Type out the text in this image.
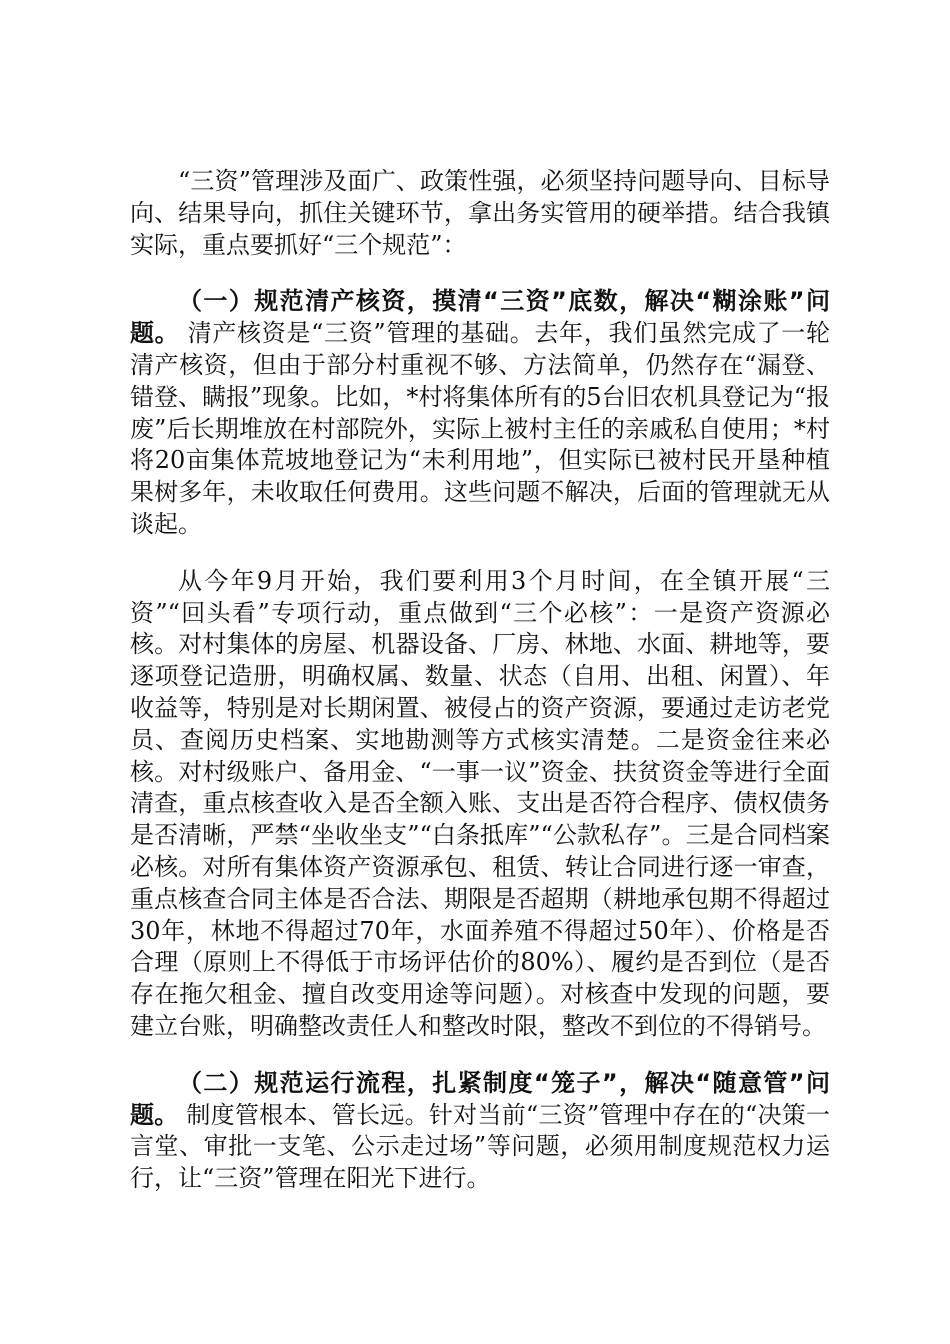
“三资”管理涉及面广、政策性强，必须坚持问题导向、目标导向、结果导向，抓住关键环节，拿出务实管用的硬举措。结合我镇实际，重点要抓好“三个规范”：

（一）规范清产核资，摸清“三资”底数，解决“糊涂账”问题。 清产核资是“三资”管理的基础。去年，我们虽然完成了一轮清产核资，但由于部分村重视不够、方法简单，仍然存在“漏登、错登、瞒报”现象。比如，*村将集体所有的5台旧农机具登记为“报废”后长期堆放在村部院外，实际上被村主任的亲戚私自使用；*村将20亩集体荒坡地登记为“未利用地”，但实际已被村民开垦种植果树多年，未收取任何费用。这些问题不解决，后面的管理就无从谈起。

从今年9月开始，我们要利用3个月时间，在全镇开展“三资”“回头看”专项行动，重点做到“三个必核”：一是资产资源必核。对村集体的房屋、机器设备、厂房、林地、水面、耕地等，要逐项登记造册，明确权属、数量、状态（自用、出租、闲置）、年收益等，特别是对长期闲置、被侵占的资产资源，要通过走访老党员、查阅历史档案、实地勘测等方式核实清楚。二是资金往来必核。对村级账户、备用金、“一事一议”资金、扶贫资金等进行全面清查，重点核查收入是否全额入账、支出是否符合程序、债权债务是否清晰，严禁“坐收坐支”“白条抵库”“公款私存”。三是合同档案必核。对所有集体资产资源承包、租赁、转让合同进行逐一审查，重点核查合同主体是否合法、期限是否超期（耕地承包期不得超过30年，林地不得超过70年，水面养殖不得超过50年）、价格是否合理（原则上不得低于市场评估价的80%）、履约是否到位（是否存在拖欠租金、擅自改变用途等问题）。对核查中发现的问题，要建立台账，明确整改责任人和整改时限，整改不到位的不得销号。

（二）规范运行流程，扎紧制度“笼子”，解决“随意管”问题。 制度管根本、管长远。针对当前“三资”管理中存在的“决策一言堂、审批一支笔、公示走过场”等问题，必须用制度规范权力运行，让“三资”管理在阳光下进行。
